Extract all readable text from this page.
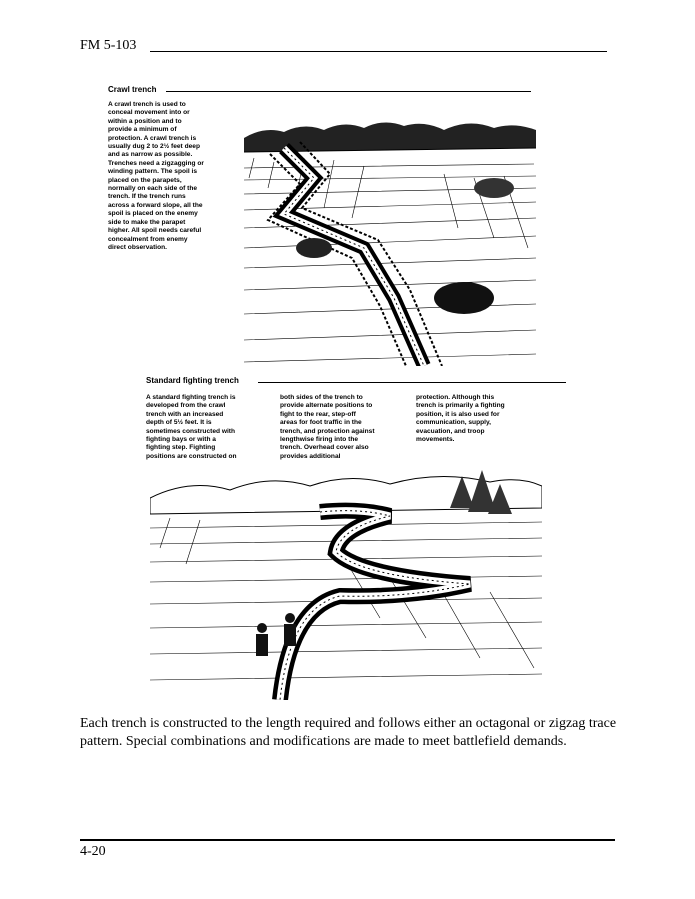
FM 5-103
Crawl trench
A crawl trench is used to
conceal movement into or
within a position and to
provide a minimum of
protection. A crawl trench is
usually dug 2 to 2½ feet deep
and as narrow as possible.
Trenches need a zigzagging or
winding pattern. The spoil is
placed on the parapets,
normally on each side of the
trench. If the trench runs
across a forward slope, all the
spoil is placed on the enemy
side to make the parapet
higher. All spoil needs careful
concealment from enemy
direct observation.
Standard fighting trench
A standard fighting trench is
developed from the crawl
trench with an increased
depth of 5½ feet. It is
sometimes constructed with
fighting bays or with a
fighting step. Fighting
positions are constructed on
both sides of the trench to
provide alternate positions to
fight to the rear, step-off
areas for foot traffic in the
trench, and protection against
lengthwise firing into the
trench. Overhead cover also
provides additional
protection. Although this
trench is primarily a fighting
position, it is also used for
communication, supply,
evacuation, and troop
movements.
Each trench is constructed to the length required and follows either an octagonal or zigzag trace pattern. Special combinations and modifications are made to meet battlefield demands.
4-20
